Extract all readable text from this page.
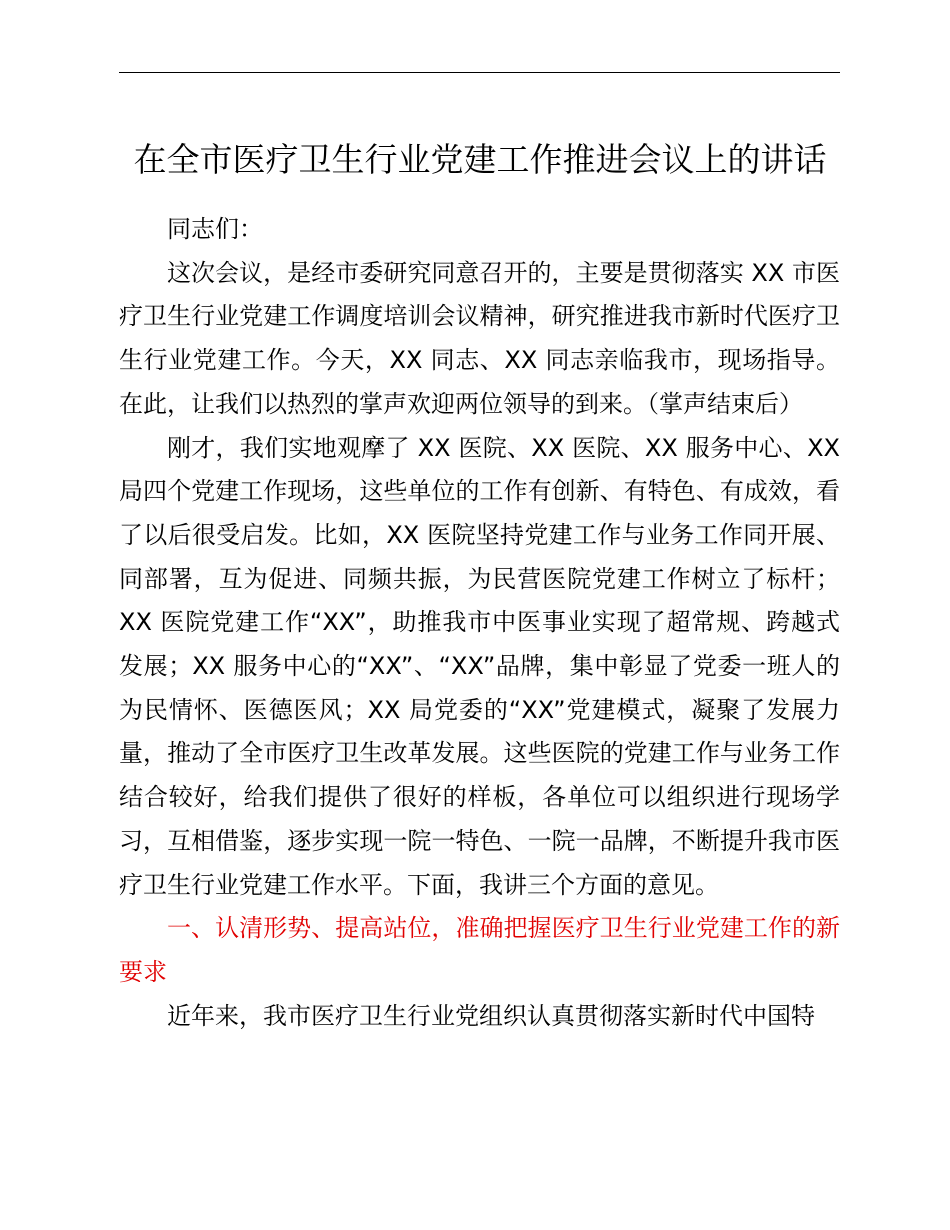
在全市医疗卫生行业党建工作推进会议上的讲话

同志们：

这次会议，是经市委研究同意召开的，主要是贯彻落实 XX 市医疗卫生行业党建工作调度培训会议精神，研究推进我市新时代医疗卫生行业党建工作。今天，XX 同志、XX 同志亲临我市，现场指导。在此，让我们以热烈的掌声欢迎两位领导的到来。（掌声结束后）

刚才，我们实地观摩了 XX 医院、XX 医院、XX 服务中心、XX 局四个党建工作现场，这些单位的工作有创新、有特色、有成效，看了以后很受启发。比如，XX 医院坚持党建工作与业务工作同开展、同部署，互为促进、同频共振，为民营医院党建工作树立了标杆；XX 医院党建工作“XX”，助推我市中医事业实现了超常规、跨越式发展；XX 服务中心的“XX”、“XX”品牌，集中彰显了党委一班人的为民情怀、医德医风；XX 局党委的“XX”党建模式，凝聚了发展力量，推动了全市医疗卫生改革发展。这些医院的党建工作与业务工作结合较好，给我们提供了很好的样板，各单位可以组织进行现场学习，互相借鉴，逐步实现一院一特色、一院一品牌，不断提升我市医疗卫生行业党建工作水平。下面，我讲三个方面的意见。

一、认清形势、提高站位，准确把握医疗卫生行业党建工作的新要求

近年来，我市医疗卫生行业党组织认真贯彻落实新时代中国特
